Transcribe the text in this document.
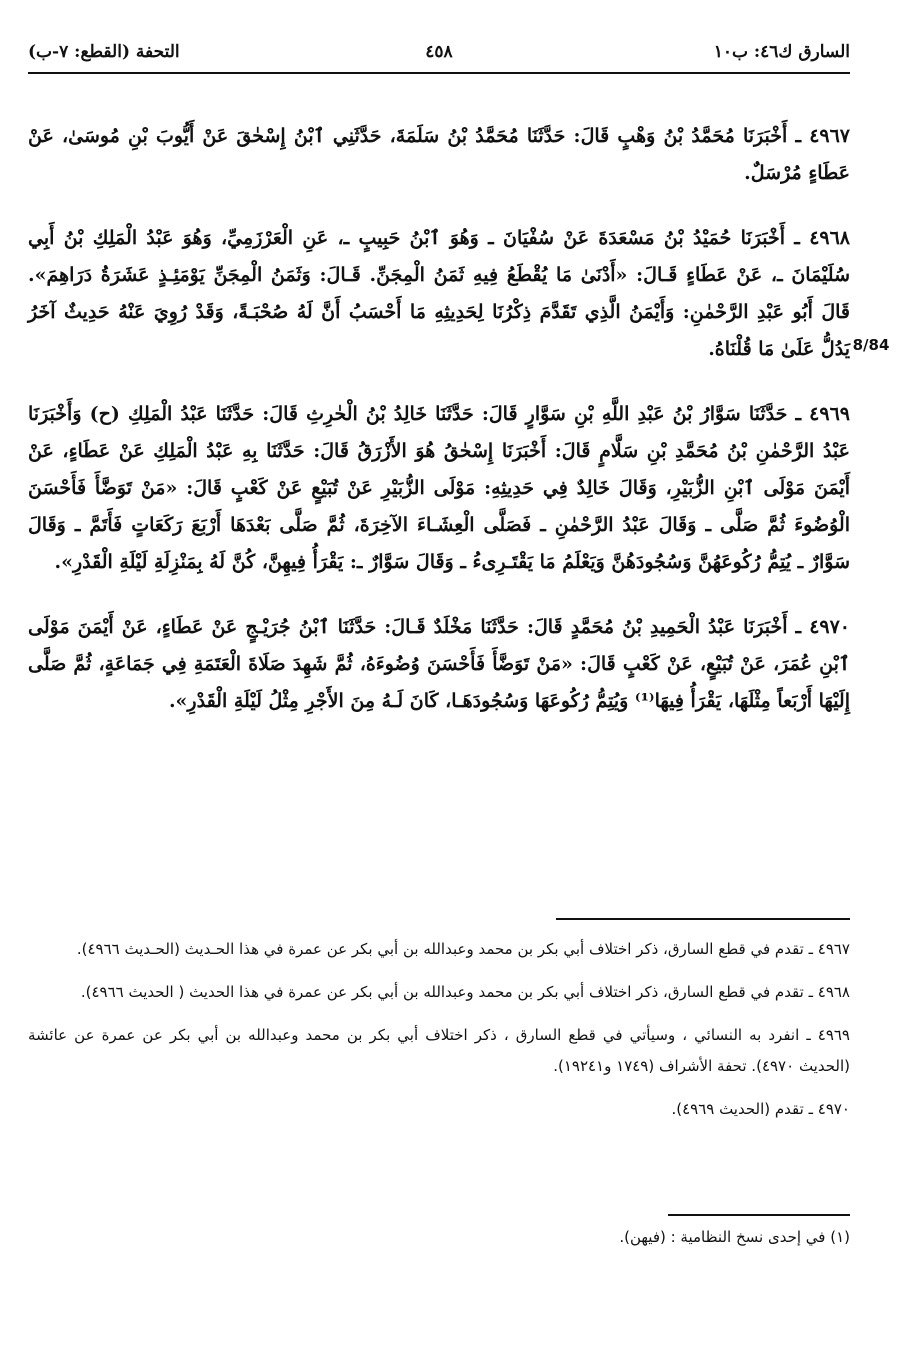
السارق ك٤٦: ب١٠
٤٥٨
التحفة (القطع: ٧-ب)
8/84

٤٩٦٧ ـ أَخْبَرَنَا مُحَمَّدُ بْنُ وَهْبٍ قَالَ: حَدَّثَنَا مُحَمَّدُ بْنُ سَلَمَةَ، حَدَّثَنِي ٱبْنُ إِسْحٰقَ عَنْ أَيُّوبَ بْنِ مُوسَىٰ، عَنْ عَطَاءٍ مُرْسَلٌ.

٤٩٦٨ ـ أَخْبَرَنَا حُمَيْدُ بْنُ مَسْعَدَةَ عَنْ سُفْيَانَ ـ وَهُوَ ٱبْنُ حَبِيبٍ ـ، عَنِ الْعَرْزَمِيِّ، وَهُوَ عَبْدُ الْمَلِكِ بْنُ أَبِي سُلَيْمَانَ ـ، عَنْ عَطَاءٍ قَـالَ: «أَدْنَىٰ مَا يُقْطَعُ فِيهِ ثَمَنُ الْمِجَنِّ. قَـالَ: وَثَمَنُ الْمِجَنِّ يَوْمَئِـذٍ عَشَرَةُ دَرَاهِمَ». قَالَ أَبُو عَبْدِ الرَّحْمٰنِ: وَأَيْمَنُ الَّذِي تَقَدَّمَ ذِكْرُنَا لِحَدِيثِهِ مَا أَحْسَبُ أَنَّ لَهُ صُحْبَـةً، وَقَدْ رُوِيَ عَنْهُ حَدِيثٌ آخَرُ يَدُلُّ عَلَىٰ مَا قُلْنَاهُ.

٤٩٦٩ ـ حَدَّثَنَا سَوَّارُ بْنُ عَبْدِ اللَّهِ بْنِ سَوَّارٍ قَالَ: حَدَّثَنَا خَالِدُ بْنُ الْحٰرِثِ قَالَ: حَدَّثَنَا عَبْدُ الْمَلِكِ (ح) وَأَخْبَرَنَا عَبْدُ الرَّحْمٰنِ بْنُ مُحَمَّدِ بْنِ سَلَّامٍ قَالَ: أَخْبَرَنَا إِسْحٰقُ هُوَ الأَزْرَقُ قَالَ: حَدَّثَنَا بِهِ عَبْدُ الْمَلِكِ عَنْ عَطَاءٍ، عَنْ أَيْمَنَ مَوْلَى ٱبْنِ الزُّبَيْرِ، وَقَالَ خَالِدٌ فِي حَدِيثِهِ: مَوْلَى الزُّبَيْرِ عَنْ تُبَيْعٍ عَنْ كَعْبٍ قَالَ: «مَنْ تَوَضَّأَ فَأَحْسَنَ الْوُضُوءَ ثُمَّ صَلَّى ـ وَقَالَ عَبْدُ الرَّحْمٰنِ ـ فَصَلَّى الْعِشَـاءَ الآخِرَةَ، ثُمَّ صَلَّى بَعْدَهَا أَرْبَعَ رَكَعَاتٍ فَأَتَمَّ ـ وَقَالَ سَوَّارٌ ـ يُتِمُّ رُكُوعَهُنَّ وَسُجُودَهُنَّ وَيَعْلَمُ مَا يَقْتَـرِىءُ ـ وَقَالَ سَوَّارٌ ـ: يَقْرَأُ فِيهِنَّ، كُنَّ لَهُ بِمَنْزِلَةِ لَيْلَةِ الْقَدْرِ».

٤٩٧٠ ـ أَخْبَرَنَا عَبْدُ الْحَمِيدِ بْنُ مُحَمَّدٍ قَالَ: حَدَّثَنَا مَخْلَدٌ قَـالَ: حَدَّثَنَا ٱبْنُ جُرَيْـجٍ عَنْ عَطَاءٍ، عَنْ أَيْمَنَ مَوْلَى ٱبْنِ عُمَرَ، عَنْ تُبَيْعٍ، عَنْ كَعْبٍ قَالَ: «مَنْ تَوَضَّأَ فَأَحْسَنَ وُضُوءَهُ، ثُمَّ شَهِدَ صَلَاةَ الْعَتَمَةِ فِي جَمَاعَةٍ، ثُمَّ صَلَّى إِلَيْهَا أَرْبَعاً مِثْلَهَا، يَقْرَأُ فِيهَا⁽¹⁾ وَيُتِمُّ رُكُوعَهَا وَسُجُودَهَـا، كَانَ لَـهُ مِنَ الأَجْرِ مِثْلُ لَيْلَةِ الْقَدْرِ».

٤٩٦٧ ـ تقدم في قطع السارق، ذكر اختلاف أبي بكر بن محمد وعبدالله بن أبي بكر عن عمرة في هذا الحـديث (الحـديث ٤٩٦٦).

٤٩٦٨ ـ تقدم في قطع السارق، ذكر اختلاف أبي بكر بن محمد وعبدالله بن أبي بكر عن عمرة في هذا الحديث ( الحديث ٤٩٦٦).

٤٩٦٩ ـ انفرد به النسائي ، وسيأتي في قطع السارق ، ذكر اختلاف أبي بكر بن محمد وعبدالله بن أبي بكر عن عمرة عن عائشة (الحديث ٤٩٧٠). تحفة الأشراف (١٧٤٩ و١٩٢٤١).

٤٩٧٠ ـ تقدم (الحديث ٤٩٦٩).

(١) في إحدى نسخ النظامية : (فيهن).
